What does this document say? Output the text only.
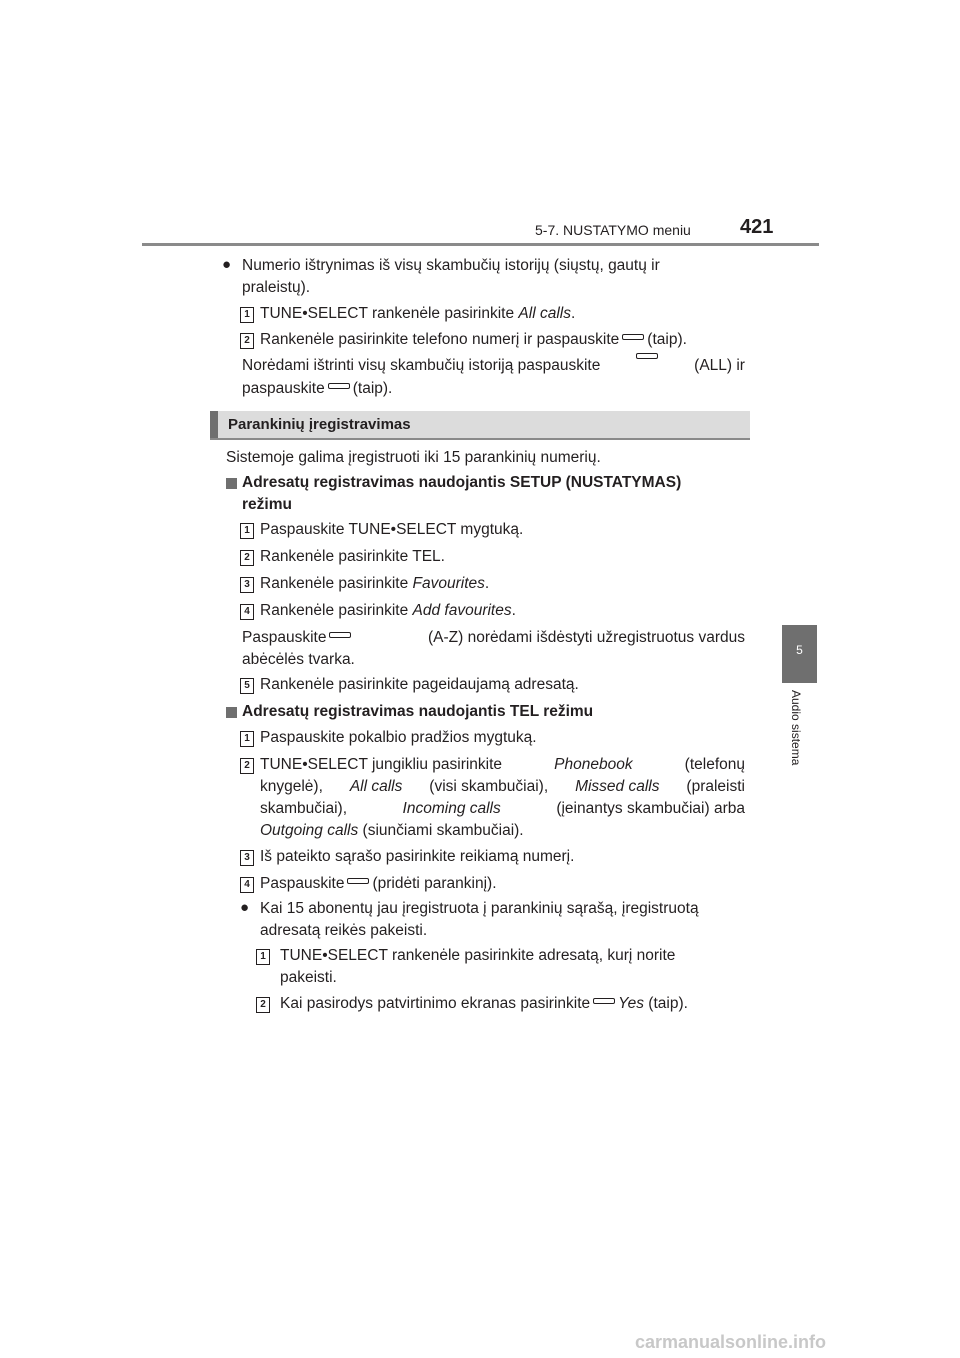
5-7. NUSTATYMO meniu 421
5
Audio sistema
● Numerio ištrynimas iš visų skambučių istorijų (siųstų, gautų ir
praleistų).
1 TUNE•SELECT rankenėle pasirinkite All calls.
2 Rankenėle pasirinkite telefono numerį ir paspauskite (taip).
Norėdami ištrinti visų skambučių istoriją paspauskite	(ALL) ir
paspauskite (taip).
Parankinių įregistravimas
Sistemoje galima įregistruoti iki 15 parankinių numerių.
Adresatų registravimas naudojantis SETUP (NUSTATYMAS)
režimu
1 Paspauskite TUNE•SELECT mygtuką.
2 Rankenėle pasirinkite TEL.
3 Rankenėle pasirinkite Favourites.
4 Rankenėle pasirinkite Add favourites.
Paspauskite	(A-Z) norėdami išdėstyti užregistruotus vardus
abėcėlės tvarka.
5 Rankenėle pasirinkite pageidaujamą adresatą.
Adresatų registravimas naudojantis TEL režimu
1 Paspauskite pokalbio pradžios mygtuką.
2 TUNE•SELECT jungikliu pasirinkite	Phonebook	(telefonų
knygelė), All calls (visi skambučiai), Missed calls (praleisti
skambučiai),	Incoming calls	(įeinantys skambučiai) arba
Outgoing calls (siunčiami skambučiai).
3 Iš pateikto sąrašo pasirinkite reikiamą numerį.
4 Paspauskite (pridėti parankinį).
● Kai 15 abonentų jau įregistruota į parankinių sąrašą, įregistruotą
adresatą reikės pakeisti.
1 TUNE•SELECT rankenėle pasirinkite adresatą, kurį norite
pakeisti.
2 Kai pasirodys patvirtinimo ekranas pasirinkite Yes (taip).
carmanualsonline.info
